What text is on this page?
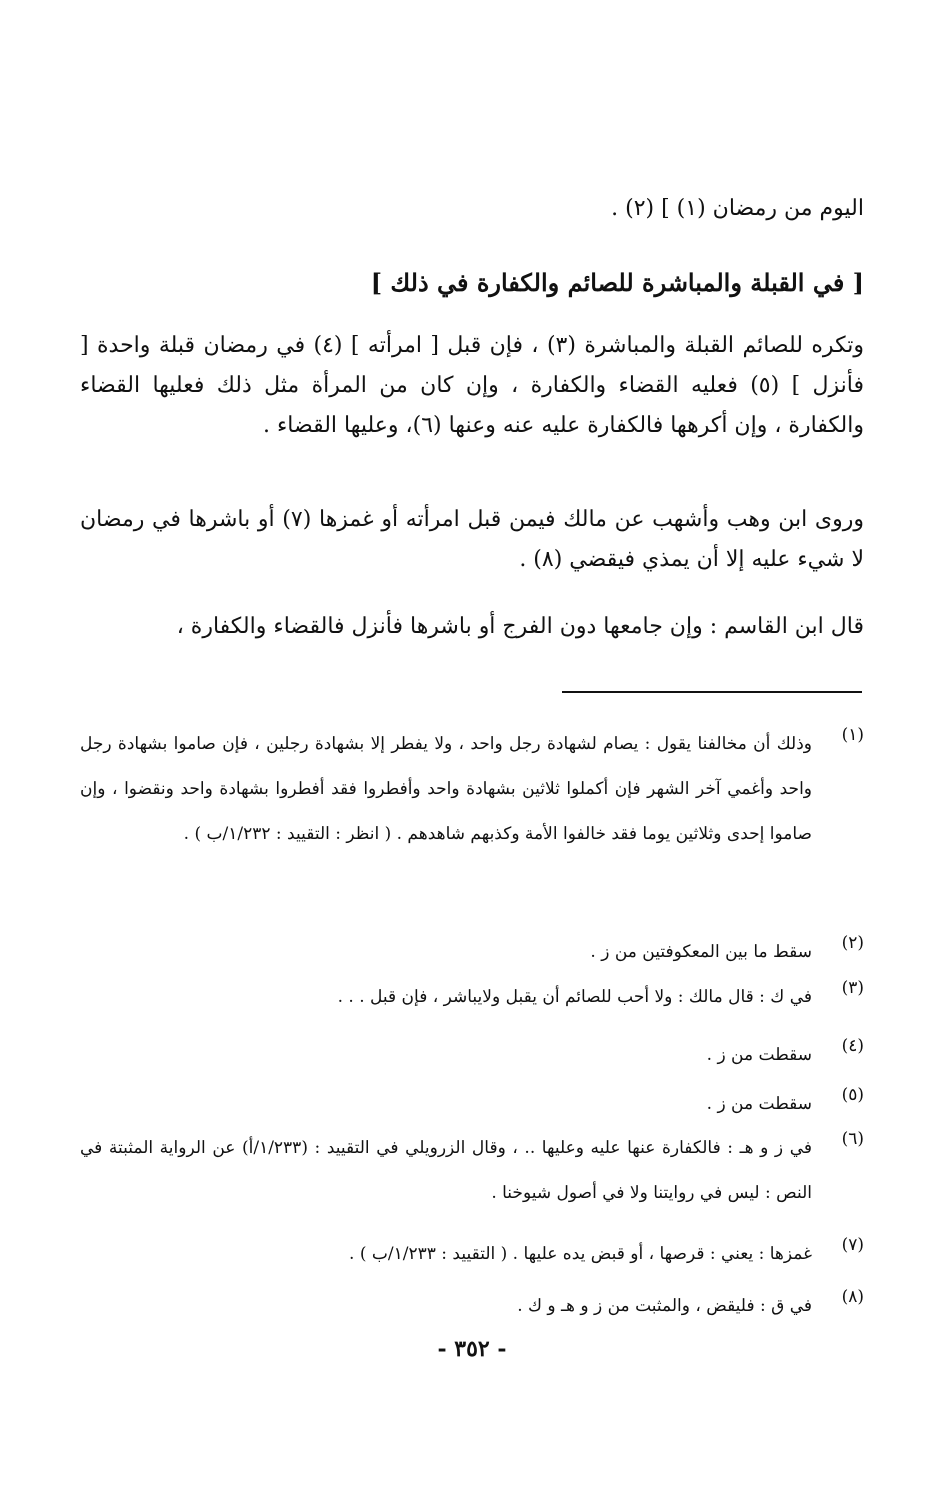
اليوم من رمضان (١) ] (٢) .
[ في القبلة والمباشرة للصائم والكفارة في ذلك ]
وتكره للصائم القبلة والمباشرة (٣) ، فإن قبل [ امرأته ] (٤) في رمضان قبلة واحدة [ فأنزل ] (٥) فعليه القضاء والكفارة ، وإن كان من المرأة مثل ذلك فعليها القضاء والكفارة ، وإن أكرهها فالكفارة عليه عنه وعنها (٦)، وعليها القضاء .
وروى ابن وهب وأشهب عن مالك فيمن قبل امرأته أو غمزها (٧) أو باشرها في رمضان لا شيء عليه إلا أن يمذي فيقضي (٨) .
قال ابن القاسم : وإن جامعها دون الفرج أو باشرها فأنزل فالقضاء والكفارة ،
(١)
وذلك أن مخالفنا يقول : يصام لشهادة رجل واحد ، ولا يفطر إلا بشهادة رجلين ، فإن صاموا بشهادة رجل واحد وأغمي آخر الشهر فإن أكملوا ثلاثين بشهادة واحد وأفطروا فقد أفطروا بشهادة واحد ونقضوا ، وإن صاموا إحدى وثلاثين يوما فقد خالفوا الأمة وكذبهم شاهدهم . ( انظر : التقييد : ١/٢٣٢/ب ) .
(٢)
سقط ما بين المعكوفتين من ز .
(٣)
في ك : قال مالك : ولا أحب للصائم أن يقبل ولايباشر ، فإن قبل . . .
(٤)
سقطت من ز .
(٥)
سقطت من ز .
(٦)
في ز و هـ : فالكفارة عنها عليه وعليها .. ، وقال الزرويلي في التقييد : (١/٢٣٣/أ) عن الرواية المثبتة في النص : ليس في روايتنا ولا في أصول شيوخنا .
(٧)
غمزها : يعني : قرصها ، أو قبض يده عليها . ( التقييد : ١/٢٣٣/ب ) .
(٨)
في ق : فليقض ، والمثبت من ز و هـ و ك .
- ٣٥٢ -
